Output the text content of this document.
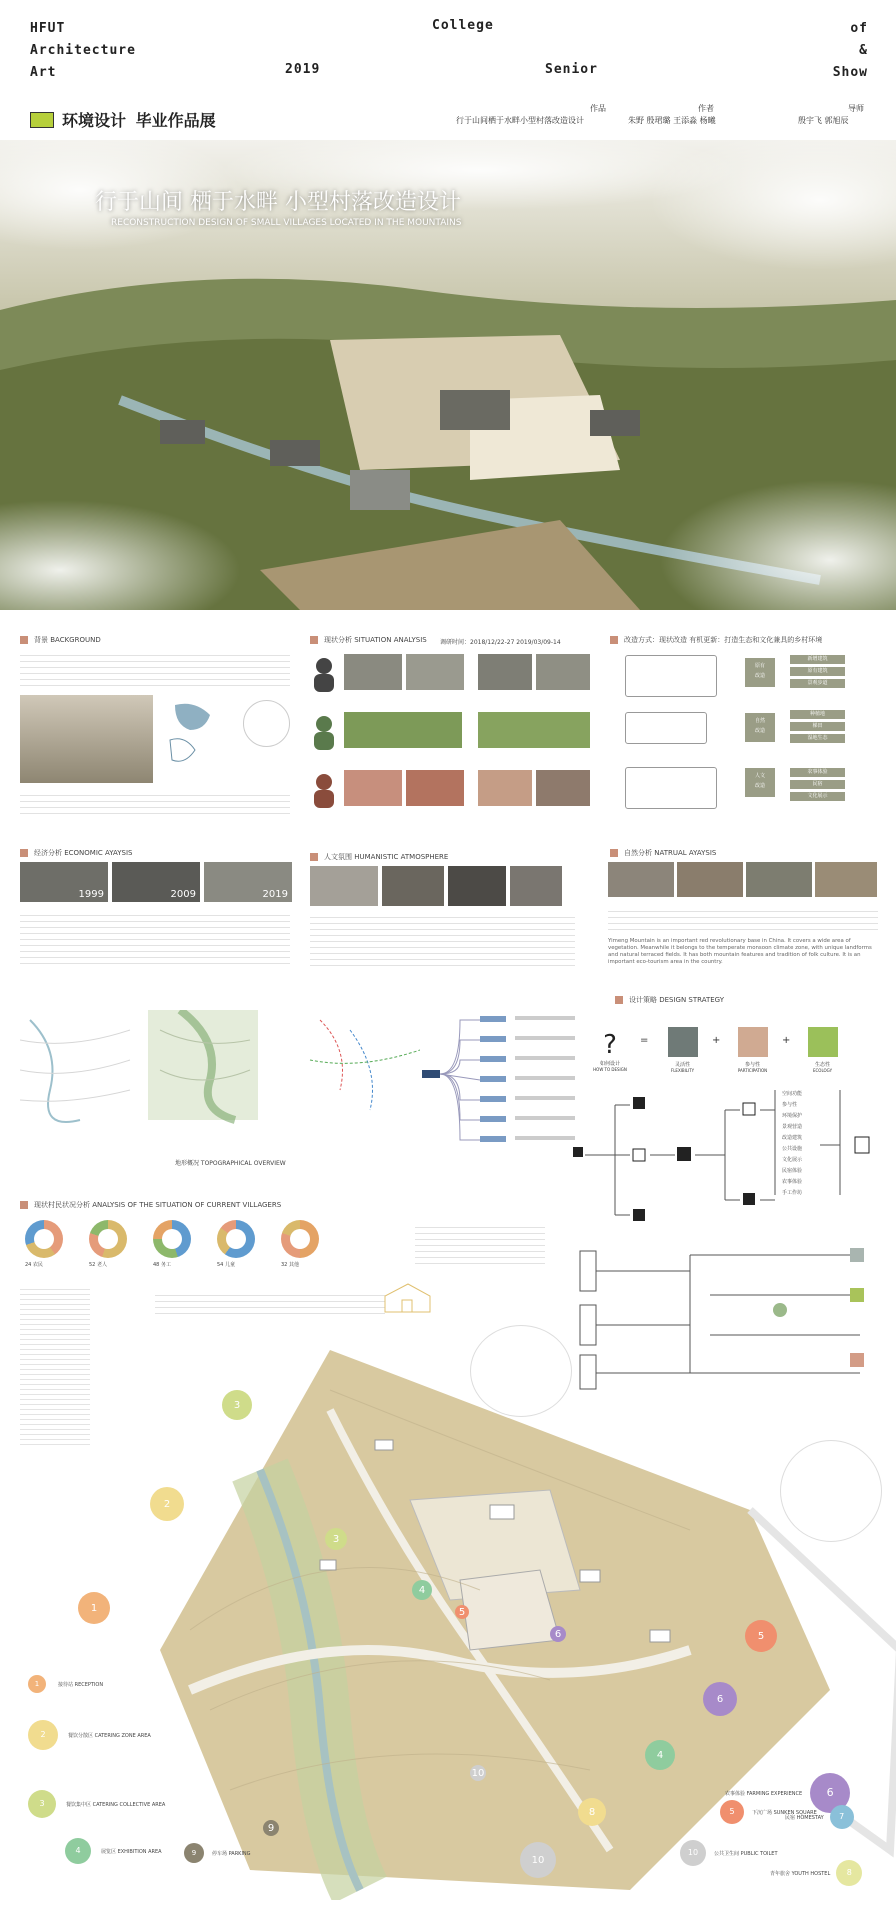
HFUT
Architecture
Art
College
2019	Senior
of
&
Show
环境设计 毕业作品展
作品
行于山间栖于水畔小型村落改造设计
作者
朱野 殷珺璐 王添淼 杨曦
导师
殷宇飞 郭旭辰
行于山间 栖于水畔 小型村落改造设计
RECONSTRUCTION DESIGN OF SMALL VILLAGES LOCATED IN THE MOUNTAINS
背景 BACKGROUND	现状分析 SITUATION ANALYSIS 调研时间：2018/12/22-27 2019/03/09-14	改造方式：现状改造 有机更新：打造生态和文化兼具的乡村环境
原有
改造
自然
改造
人文
改造
新增建筑
原有建筑
景观步道
种植地
梯田
湿地生态
农事体验
民宿
文化展示
经济分析 ECONOMIC AYAYSIS
1999	2009	2019
人文氛围 HUMANISTIC ATMOSPHERE	自然分析 NATRUAL AYAYSIS
Yimeng Mountain is an important red revolutionary base in China. It covers a wide area of vegetation. Meanwhile it belongs to the temperate monsoon climate zone, with unique landforms and natural terraced fields. It has both mountain features and tradition of folk culture. It is an important eco-tourism area in the country.
地形概况 TOPOGRAPHICAL OVERVIEW
设计策略 DESIGN STRATEGY
?
如何设计
HOW TO DESIGN
=
灵活性
FLEXIBILITY
+
参与性
PARTICIPATION
+
生态性
ECOLOGY
空间功能
参与性
环境保护
景观营造
改造建筑
公共设施
文化展示
民宿体验
农事体验
手工作坊
现状村民状况分析 ANALYSIS OF THE SITUATION OF CURRENT VILLAGERS
24 农民	52 老人	48 务工	54 儿童	32 其他
3
4
5
6
9
10
3
2
1
5
6
4
8
10
1	接待站 RECEPTION
2	餐饮分散区 CATERING ZONE AREA
3	餐饮集中区 CATERING COLLECTIVE AREA
4	展览区 EXHIBITION AREA	9	停车场 PARKING
农事体验 FARMING EXPERIENCE	6
5	下沉广场 SUNKEN SQUARE	7
民宿 HOMESTAY
10	公共卫生间 PUBLIC TOILET
8
青年旅舍 YOUTH HOSTEL
